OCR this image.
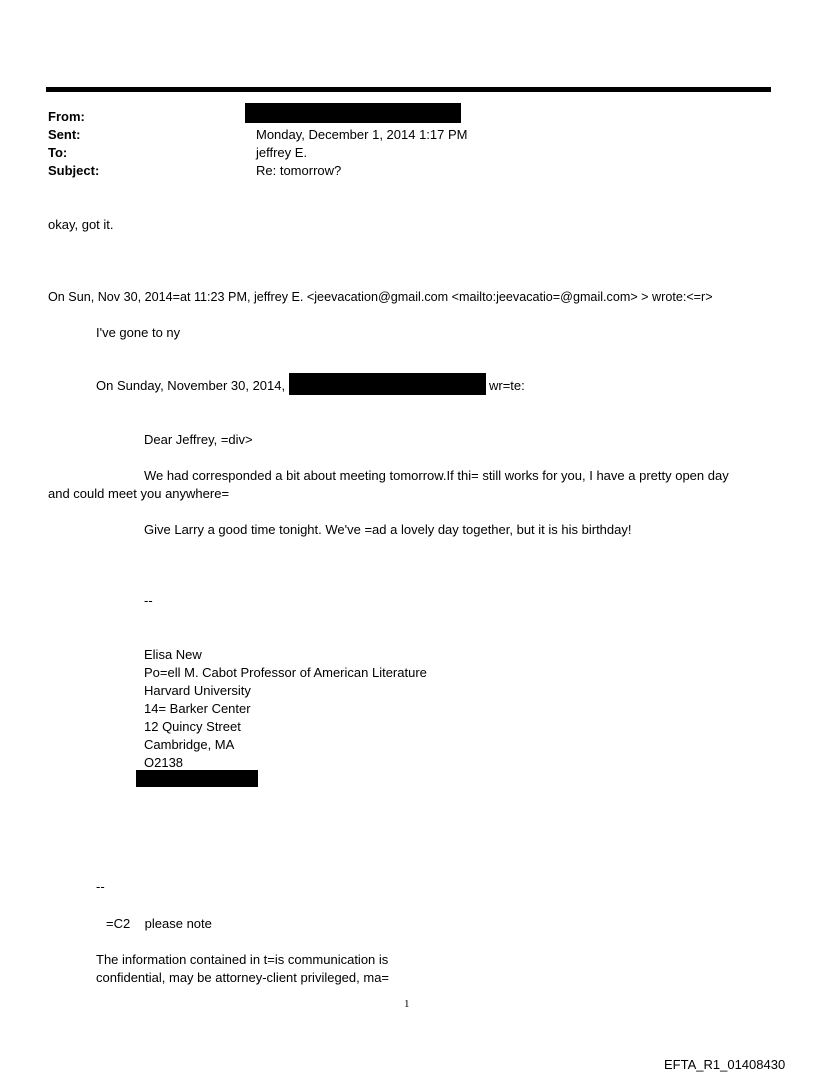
From:
Sent:	Monday, December 1, 2014 1:17 PM
To:	jeffrey E.
Subject:	Re: tomorrow?
okay, got it.
On Sun, Nov 30, 2014=at 11:23 PM, jeffrey E. <jeevacation@gmail.com <mailto:jeevacatio=@gmail.com> > wrote:<=r>
I've gone to ny
On Sunday, November 30, 2014,	wr=te:
Dear Jeffrey, =div>
We had corresponded a bit about meeting tomorrow.If thi= still works for you, I have a pretty open day
and could meet you anywhere=
Give Larry a good time tonight. We've =ad a lovely day together, but it is his birthday!
--
Elisa New
Po=ell M. Cabot Professor of American Literature
Harvard University
14= Barker Center
12 Quincy Street
Cambridge, MA
O2138
--
=C2    please note
The information contained in t=is communication is
confidential, may be attorney-client privileged, ma=
1
EFTA_R1_01408430
